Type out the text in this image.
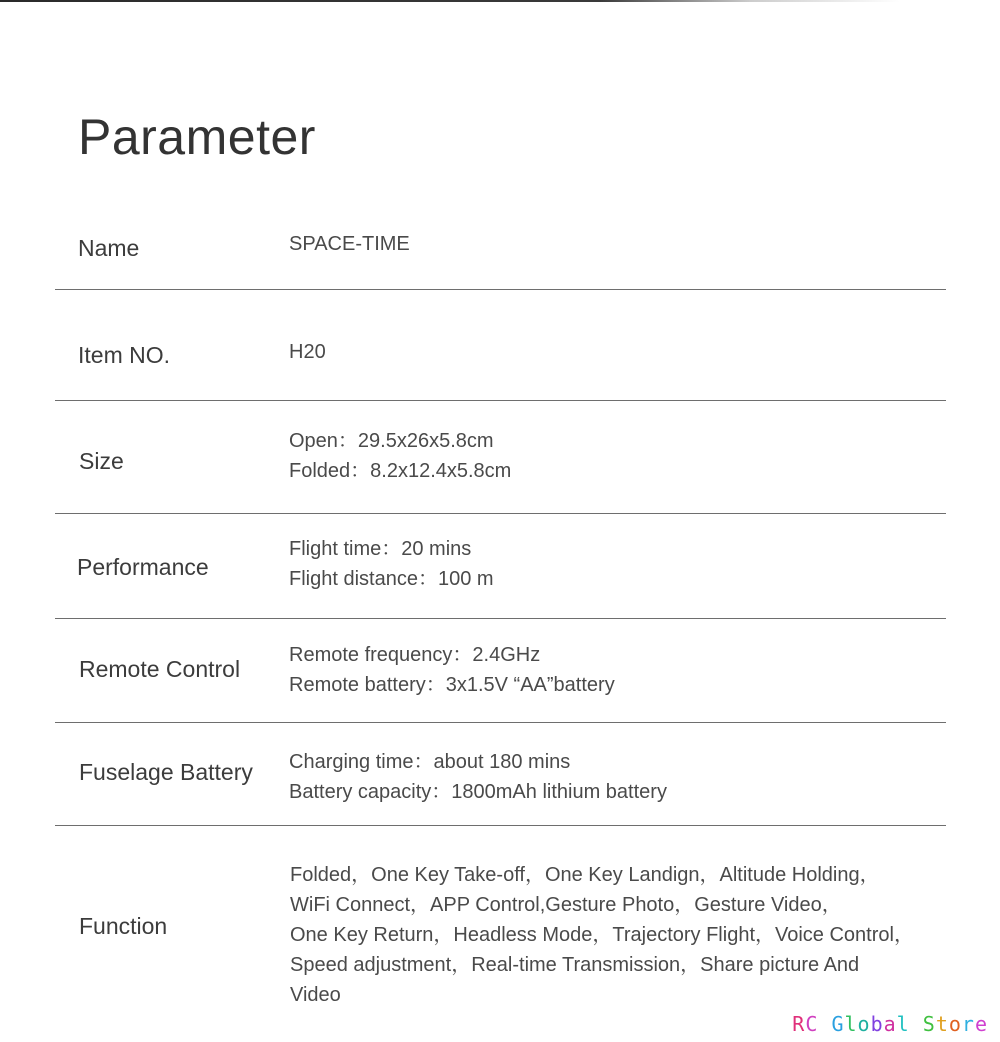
Parameter
Name	SPACE-TIME
Item NO.	H20
Size
Open：29.5x26x5.8cm
Folded：8.2x12.4x5.8cm
Performance
Flight time：20 mins
Flight distance：100 m
Remote Control
Remote frequency：2.4GHz
Remote battery：3x1.5V “AA”battery
Fuselage Battery Charging time：about 180 mins
Battery capacity：1800mAh lithium battery
Function
Folded，One Key Take-off，One Key Landign，Altitude Holding，
WiFi Connect，APP Control,Gesture Photo，Gesture Video，
One Key Return，Headless Mode，Trajectory Flight，Voice Control，
Speed adjustment，Real-time Transmission，Share picture And
Video
RC Global Store
